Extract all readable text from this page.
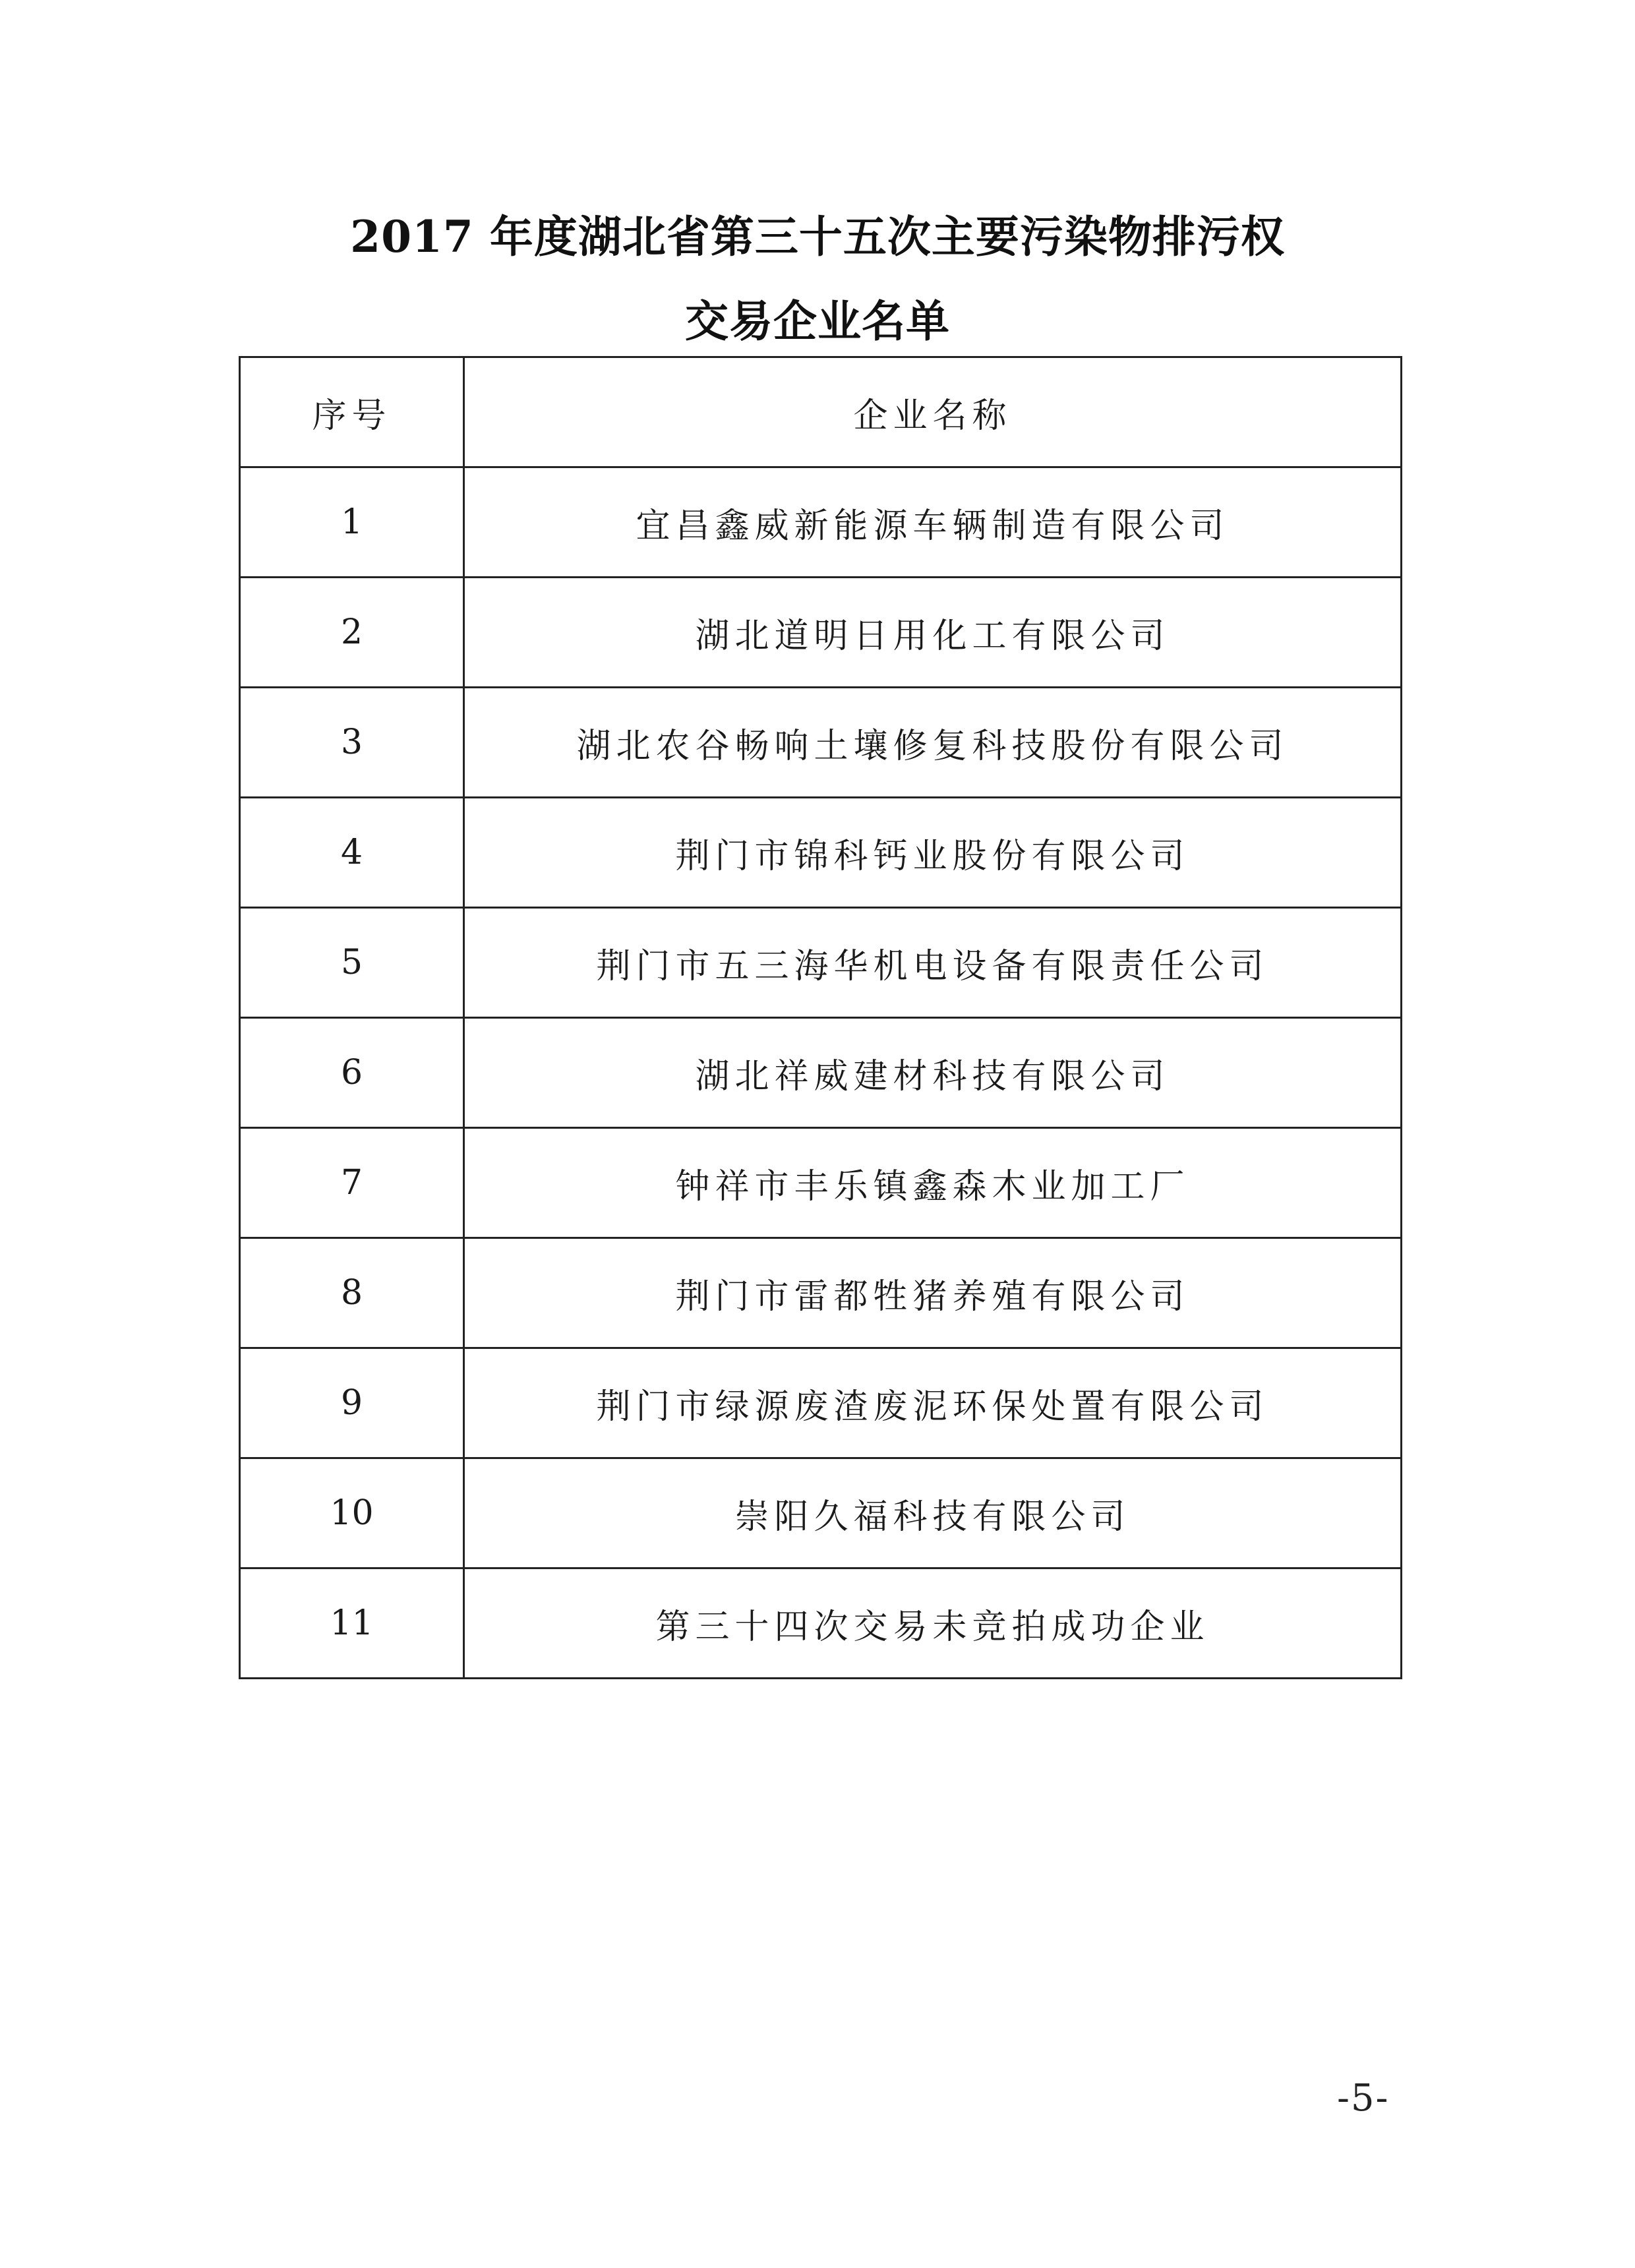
2017 年度湖北省第三十五次主要污染物排污权
交易企业名单
序号	企业名称
1	宜昌鑫威新能源车辆制造有限公司
2	湖北道明日用化工有限公司
3	湖北农谷畅响土壤修复科技股份有限公司
4	荆门市锦科钙业股份有限公司
5	荆门市五三海华机电设备有限责任公司
6	湖北祥威建材科技有限公司
7	钟祥市丰乐镇鑫森木业加工厂
8	荆门市雷都牲猪养殖有限公司
9	荆门市绿源废渣废泥环保处置有限公司
10	崇阳久福科技有限公司
11	第三十四次交易未竞拍成功企业
-5-
